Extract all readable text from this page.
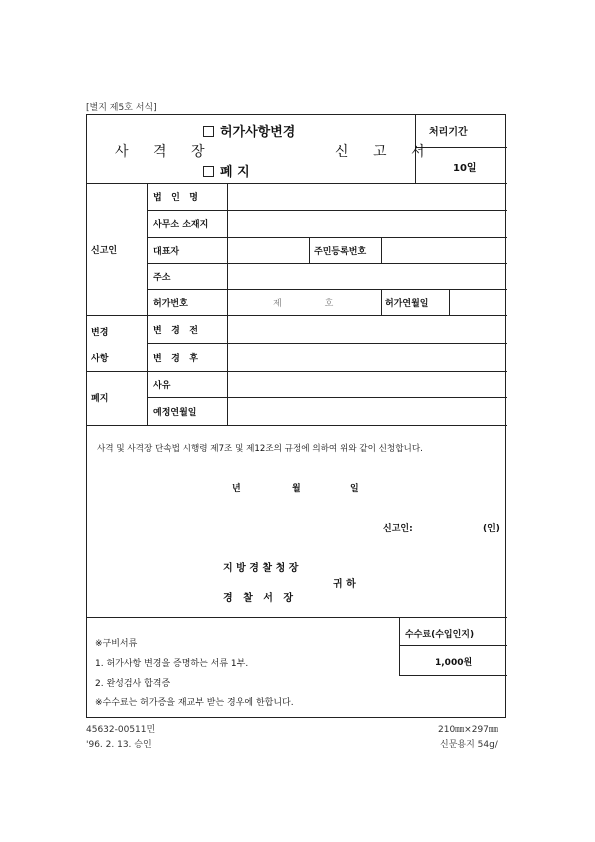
[별지 제5호 서식]
허가사항변경
폐 지
사 격 장	신 고 서
처리기간
10일
신고인
법   인   명
사무소 소재지
대표자	주민등록번호
주소
허가번호	제               호	허가연월일
변경
사항
변   경   전
변   경   후
폐지
사유
예정연월일
사격 및 사격장 단속법 시행령 제7조 및 제12조의 규정에 의하여 위와 같이 신청합니다.
년	월	일
신고인:	(인)
지 방 경 찰 청 장
귀 하
경   찰   서   장
※구비서류
1. 허가사항 변경을 증명하는 서류 1부.
2. 완성검사 합격증
※수수료는 허가증을 재교부 받는 경우에 한합니다.
수수료(수입인지)
1,000원
45632-00511민
'96. 2. 13. 승인
210㎜×297㎜
신문용지 54g/
